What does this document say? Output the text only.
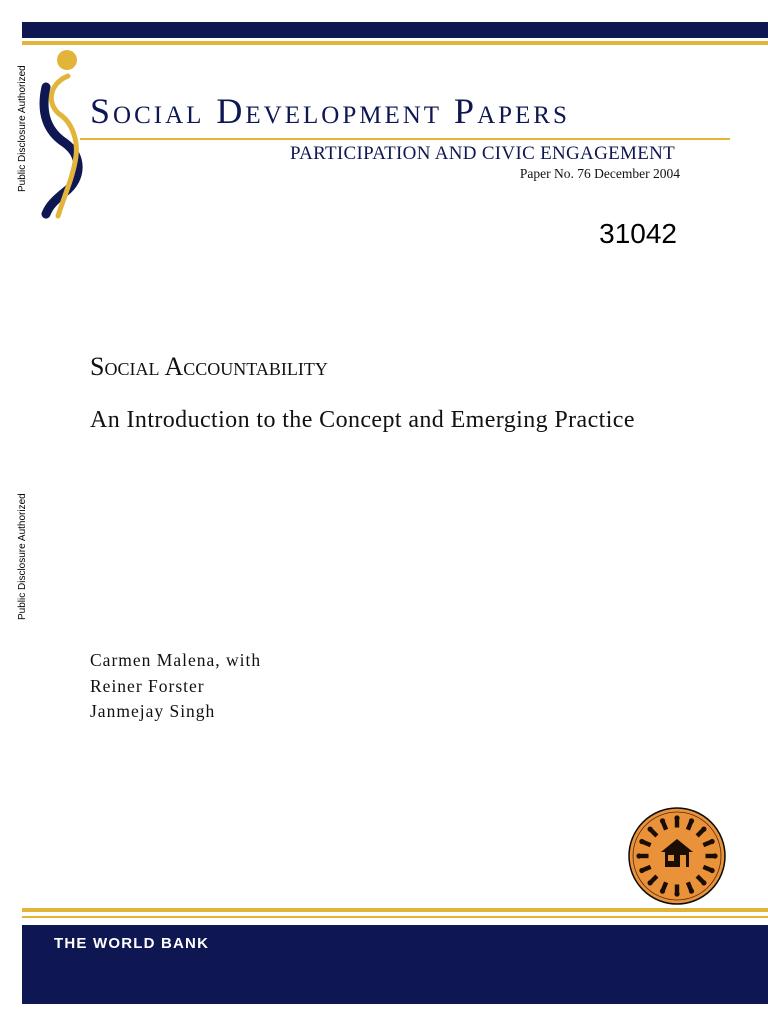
Public Disclosure Authorized
Public Disclosure Authorized
Social Development Papers
PARTICIPATION AND CIVIC ENGAGEMENT
Paper No. 76 December 2004
31042
Social Accountability
An Introduction to the Concept and Emerging Practice
Carmen Malena, with
Reiner Forster
Janmejay Singh
THE WORLD BANK
